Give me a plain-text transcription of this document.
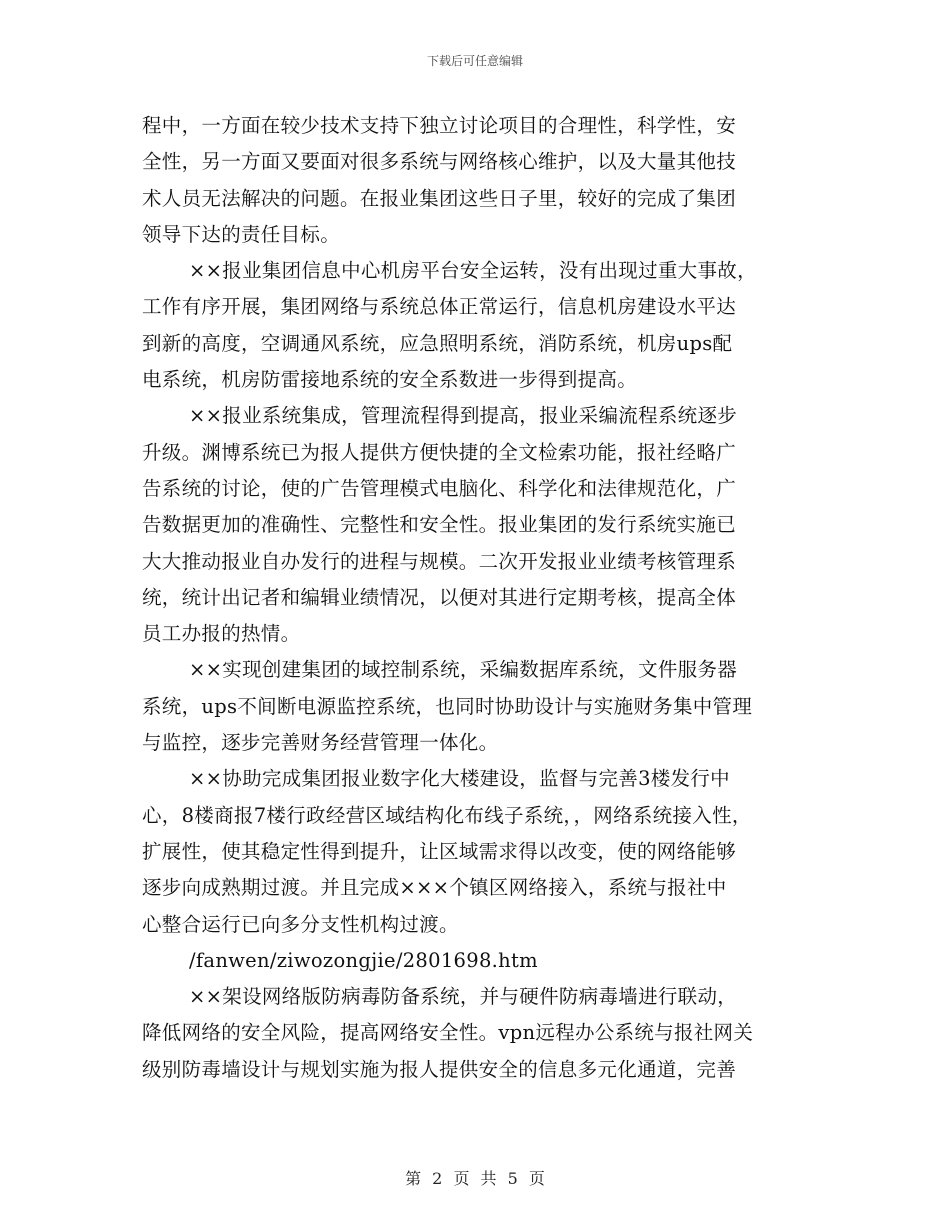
下载后可任意编辑
程中，一方面在较少技术支持下独立讨论项目的合理性，科学性，安
全性，另一方面又要面对很多系统与网络核心维护，以及大量其他技
术人员无法解决的问题。在报业集团这些日子里，较好的完成了集团
领导下达的责任目标。
××报业集团信息中心机房平台安全运转，没有出现过重大事故，
工作有序开展，集团网络与系统总体正常运行，信息机房建设水平达
到新的高度，空调通风系统，应急照明系统，消防系统，机房ups配
电系统，机房防雷接地系统的安全系数进一步得到提高。
××报业系统集成，管理流程得到提高，报业采编流程系统逐步
升级。渊博系统已为报人提供方便快捷的全文检索功能，报社经略广
告系统的讨论，使的广告管理模式电脑化、科学化和法律规范化，广
告数据更加的准确性、完整性和安全性。报业集团的发行系统实施已
大大推动报业自办发行的进程与规模。二次开发报业业绩考核管理系
统，统计出记者和编辑业绩情况，以便对其进行定期考核，提高全体
员工办报的热情。
××实现创建集团的域控制系统，采编数据库系统，文件服务器
系统，ups不间断电源监控系统，也同时协助设计与实施财务集中管理
与监控，逐步完善财务经营管理一体化。
××协助完成集团报业数字化大楼建设，监督与完善3楼发行中
心，8楼商报7楼行政经营区域结构化布线子系统，，网络系统接入性，
扩展性，使其稳定性得到提升，让区域需求得以改变，使的网络能够
逐步向成熟期过渡。并且完成×××个镇区网络接入，系统与报社中
心整合运行已向多分支性机构过渡。
/fanwen/ziwozongjie/2801698.htm
××架设网络版防病毒防备系统，并与硬件防病毒墙进行联动，
降低网络的安全风险，提高网络安全性。vpn远程办公系统与报社网关
级别防毒墙设计与规划实施为报人提供安全的信息多元化通道，完善
第 2 页 共 5 页
